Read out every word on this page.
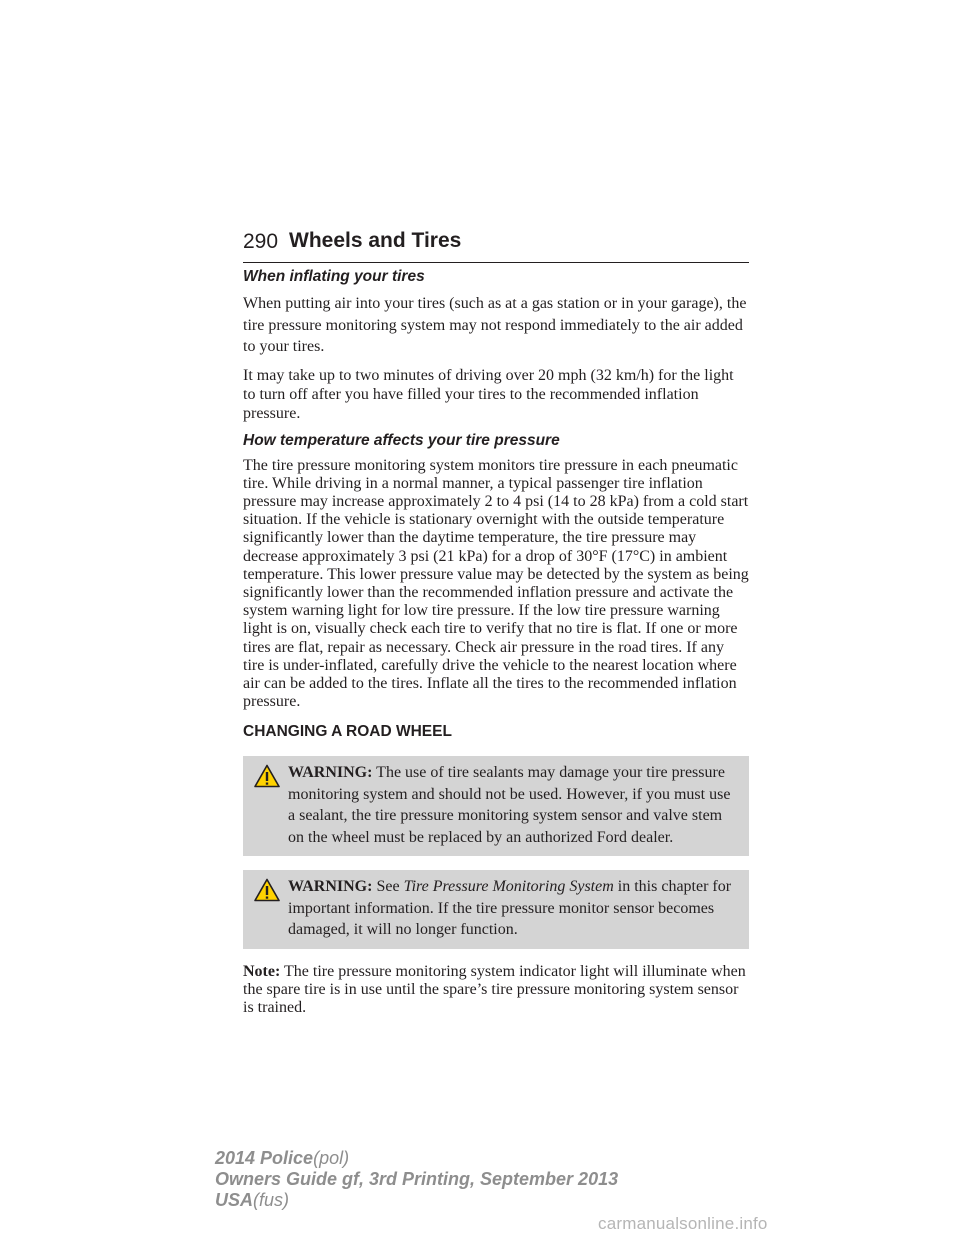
290 Wheels and Tires
When inflating your tires

When putting air into your tires (such as at a gas station or in your garage), the tire pressure monitoring system may not respond immediately to the air added to your tires.

It may take up to two minutes of driving over 20 mph (32 km/h) for the light to turn off after you have filled your tires to the recommended inflation pressure.

How temperature affects your tire pressure

The tire pressure monitoring system monitors tire pressure in each pneumatic tire. While driving in a normal manner, a typical passenger tire inflation pressure may increase approximately 2 to 4 psi (14 to 28 kPa) from a cold start situation. If the vehicle is stationary overnight with the outside temperature significantly lower than the daytime temperature, the tire pressure may decrease approximately 3 psi (21 kPa) for a drop of 30°F (17°C) in ambient temperature. This lower pressure value may be detected by the system as being significantly lower than the recommended inflation pressure and activate the system warning light for low tire pressure. If the low tire pressure warning light is on, visually check each tire to verify that no tire is flat. If one or more tires are flat, repair as necessary. Check air pressure in the road tires. If any tire is under-inflated, carefully drive the vehicle to the nearest location where air can be added to the tires. Inflate all the tires to the recommended inflation pressure.

CHANGING A ROAD WHEEL
WARNING: The use of tire sealants may damage your tire pressure monitoring system and should not be used. However, if you must use a sealant, the tire pressure monitoring system sensor and valve stem on the wheel must be replaced by an authorized Ford dealer.
WARNING: See Tire Pressure Monitoring System in this chapter for important information. If the tire pressure monitor sensor becomes damaged, it will no longer function.

Note: The tire pressure monitoring system indicator light will illuminate when the spare tire is in use until the spare’s tire pressure monitoring system sensor is trained.

2014 Police(pol)
Owners Guide gf, 3rd Printing, September 2013
USA(fus)
carmanualsonline.info
